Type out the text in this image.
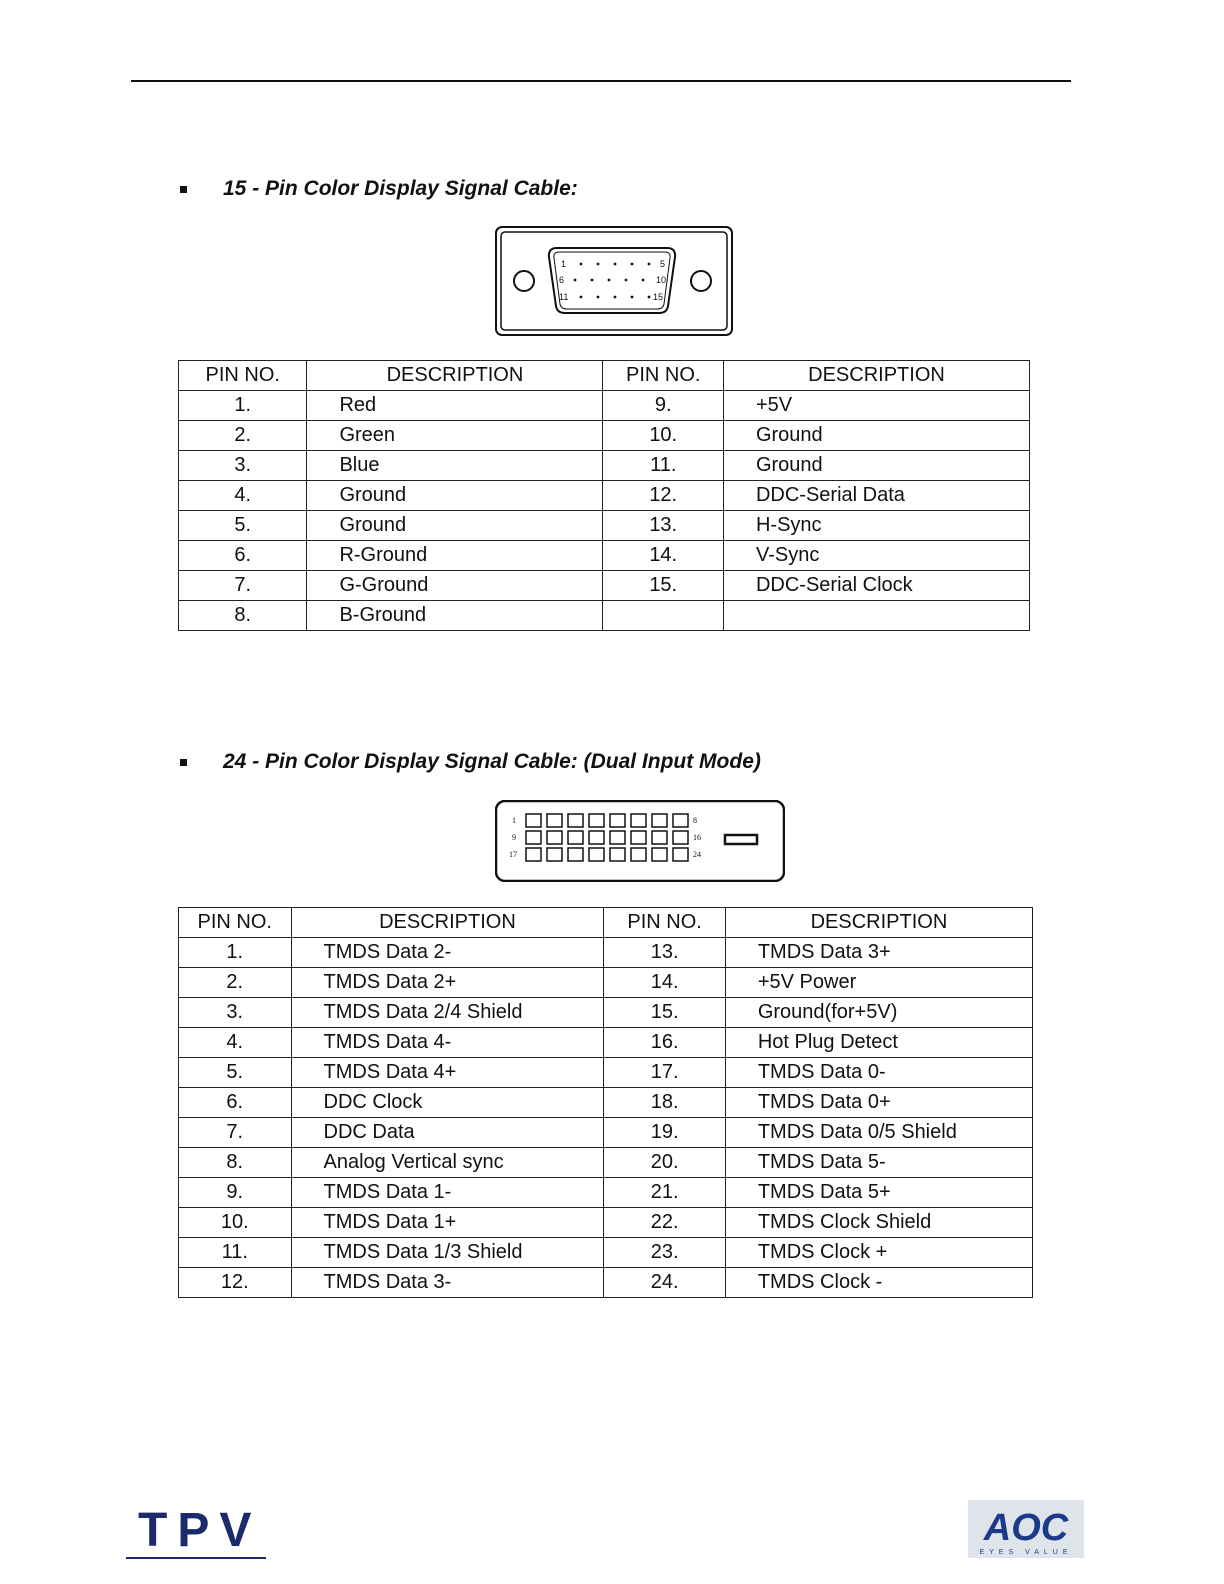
15 - Pin Color Display Signal Cable:
1	5
6	10
11	15
PIN NO.	DESCRIPTION	PIN NO.	DESCRIPTION
1.	Red	9.	+5V
2.	Green	10.	Ground
3.	Blue	11.	Ground
4.	Ground	12.	DDC-Serial Data
5.	Ground	13.	H-Sync
6.	R-Ground	14.	V-Sync
7.	G-Ground	15.	DDC-Serial Clock
8.	B-Ground		
24 - Pin Color Display Signal Cable: (Dual Input Mode)
1	8
9	16
17	24
PIN NO.	DESCRIPTION	PIN NO.	DESCRIPTION
1.	TMDS Data 2-	13.	TMDS Data 3+
2.	TMDS Data 2+	14.	+5V Power
3.	TMDS Data 2/4 Shield	15.	Ground(for+5V)
4.	TMDS Data 4-	16.	Hot Plug Detect
5.	TMDS Data 4+	17.	TMDS Data 0-
6.	DDC Clock	18.	TMDS Data 0+
7.	DDC Data	19.	TMDS Data 0/5 Shield
8.	Analog Vertical sync	20.	TMDS Data 5-
9.	TMDS Data 1-	21.	TMDS Data 5+
10.	TMDS Data 1+	22.	TMDS Clock Shield
11.	TMDS Data 1/3 Shield	23.	TMDS Clock +
12.	TMDS Data 3-	24.	TMDS Clock -
TPV	AOC
EYES VALUE
